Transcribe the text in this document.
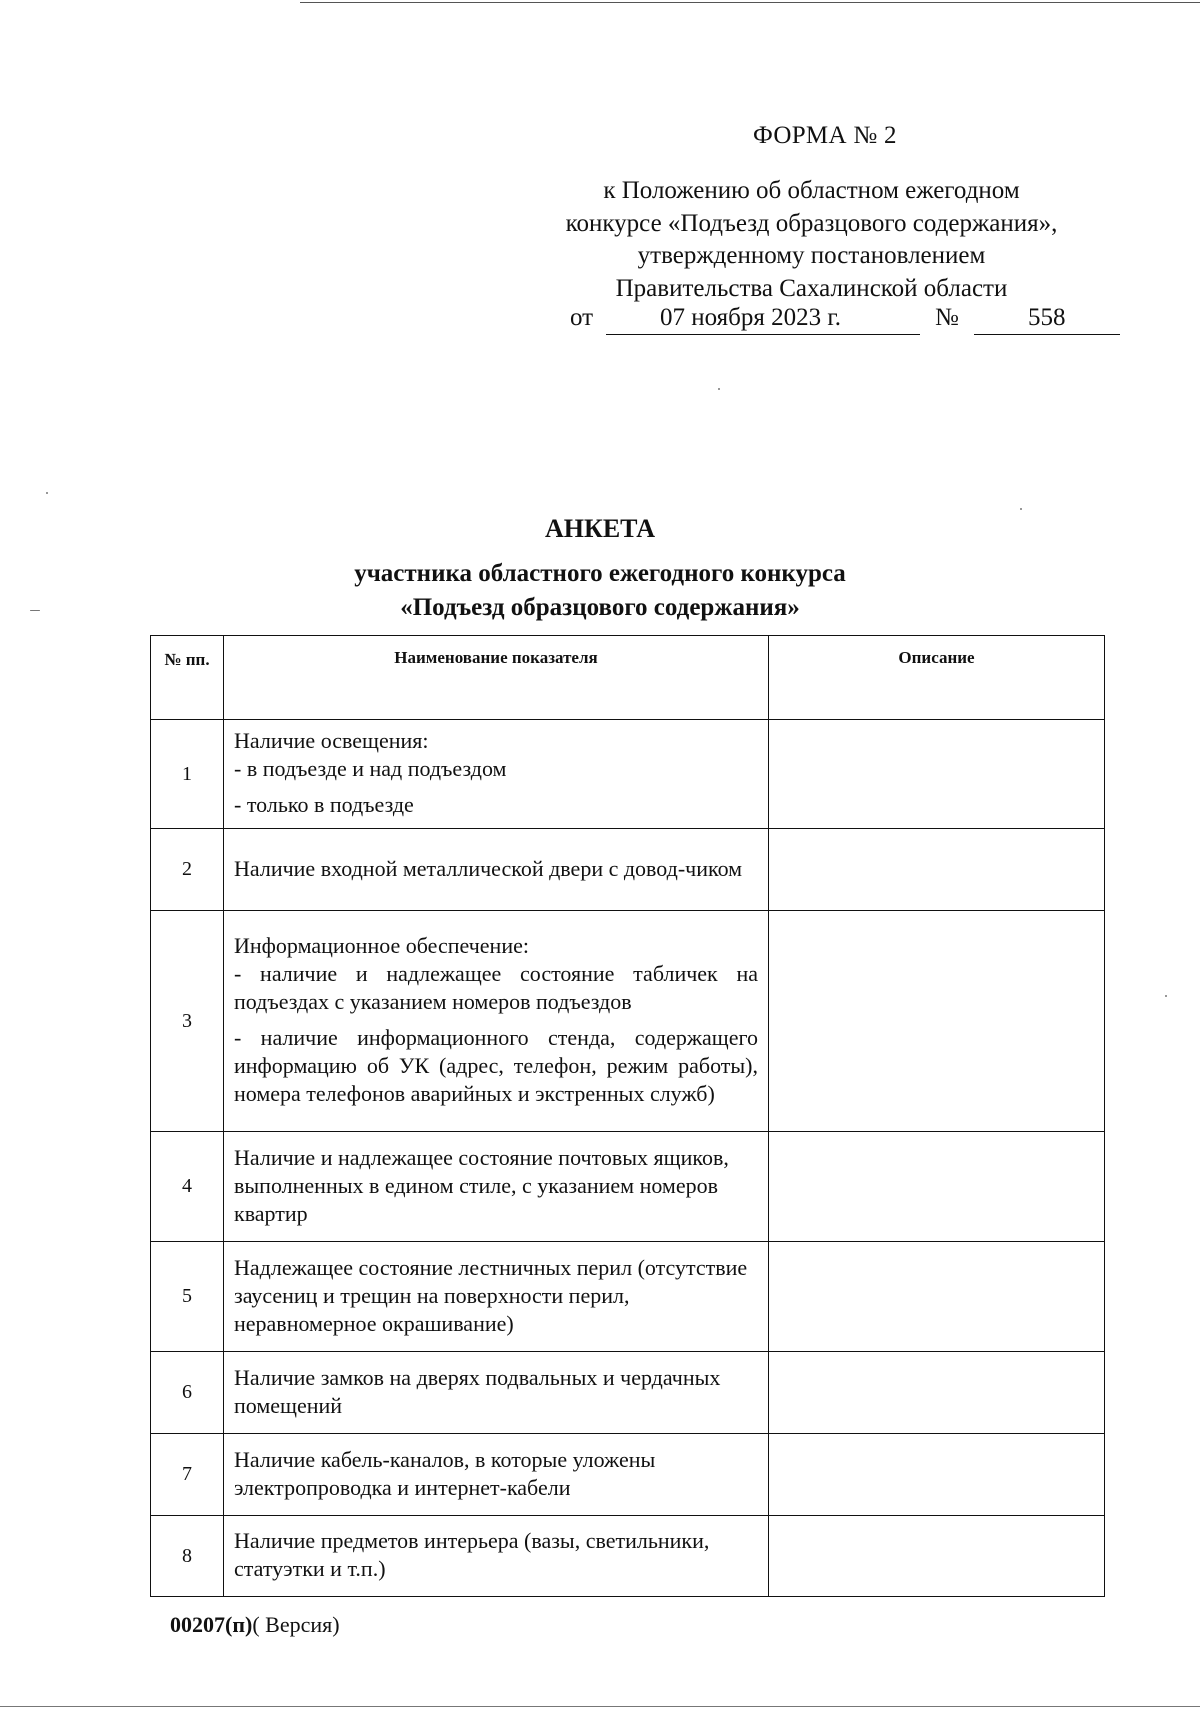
ФОРМА № 2
к Положению об областном ежегодном
конкурсе «Подъезд образцового содержания»,
утвержденному постановлением
Правительства Сахалинской области
от	07 ноября 2023 г.	№	558
АНКЕТА
участника областного ежегодного конкурса
«Подъезд образцового содержания»
№ пп.	Наименование показателя	Описание
1	Наличие освещения:
- в подъезде и над подъездом
- только в подъезде	

2	Наличие входной металлической двери с довод-чиком	

3	Информационное обеспечение:
- наличие и надлежащее состояние табличек на подъездах с указанием номеров подъездов
- наличие информационного стенда, содержащего информацию об УК (адрес, телефон, режим работы), номера телефонов аварийных и экстренных служб)	

4	Наличие и надлежащее состояние почтовых ящиков, выполненных в едином стиле, с указанием номеров квартир	

5	Надлежащее состояние лестничных перил (отсутствие заусениц и трещин на поверхности перил, неравномерное окрашивание)	

6	Наличие замков на дверях подвальных и чердачных помещений	

7	Наличие кабель-каналов, в которые уложены электропроводка и интернет-кабели	

8	Наличие предметов интерьера (вазы, светильники, статуэтки и т.п.)	

00207(п)( Версия)
